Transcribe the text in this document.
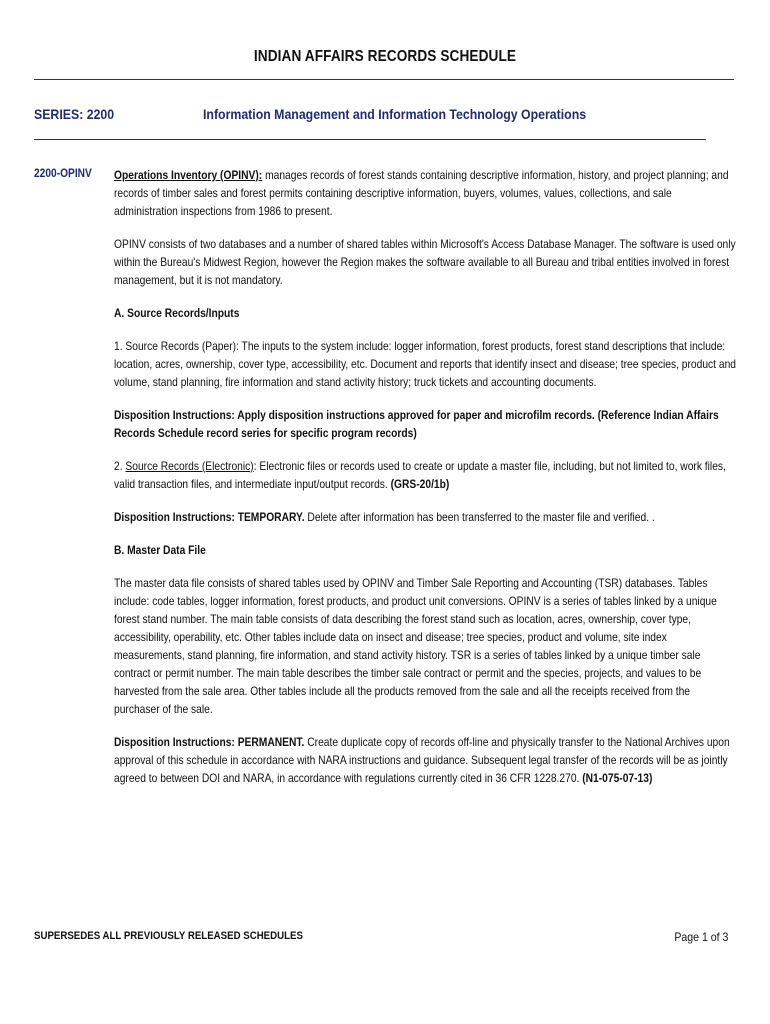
INDIAN AFFAIRS RECORDS SCHEDULE
SERIES: 2200	Information Management and Information Technology Operations
2200-OPINV Operations Inventory (OPINV): manages records of forest stands containing descriptive information, history, and project planning; and records of timber sales and forest permits containing descriptive information, buyers, volumes, values, collections, and sale administration inspections from 1986 to present.

OPINV consists of two databases and a number of shared tables within Microsoft's Access Database Manager. The software is used only within the Bureau's Midwest Region, however the Region makes the software available to all Bureau and tribal entities involved in forest management, but it is not mandatory.

A. Source Records/Inputs

1. Source Records (Paper): The inputs to the system include: logger information, forest products, forest stand descriptions that include: location, acres, ownership, cover type, accessibility, etc. Document and reports that identify insect and disease; tree species, product and volume, stand planning, fire information and stand activity history; truck tickets and accounting documents.

Disposition Instructions: Apply disposition instructions approved for paper and microfilm records. (Reference Indian Affairs Records Schedule record series for specific program records)

2. Source Records (Electronic): Electronic files or records used to create or update a master file, including, but not limited to, work files, valid transaction files, and intermediate input/output records. (GRS-20/1b)

Disposition Instructions: TEMPORARY. Delete after information has been transferred to the master file and verified. .

B. Master Data File

The master data file consists of shared tables used by OPINV and Timber Sale Reporting and Accounting (TSR) databases. Tables include: code tables, logger information, forest products, and product unit conversions. OPINV is a series of tables linked by a unique forest stand number. The main table consists of data describing the forest stand such as location, acres, ownership, cover type, accessibility, operability, etc. Other tables include data on insect and disease; tree species, product and volume, site index measurements, stand planning, fire information, and stand activity history. TSR is a series of tables linked by a unique timber sale contract or permit number. The main table describes the timber sale contract or permit and the species, projects, and values to be harvested from the sale area. Other tables include all the products removed from the sale and all the receipts received from the purchaser of the sale.

Disposition Instructions: PERMANENT. Create duplicate copy of records off-line and physically transfer to the National Archives upon approval of this schedule in accordance with NARA instructions and guidance. Subsequent legal transfer of the records will be as jointly agreed to between DOI and NARA, in accordance with regulations currently cited in 36 CFR 1228.270. (N1-075-07-13)

SUPERSEDES ALL PREVIOUSLY RELEASED SCHEDULES	Page 1 of 3
